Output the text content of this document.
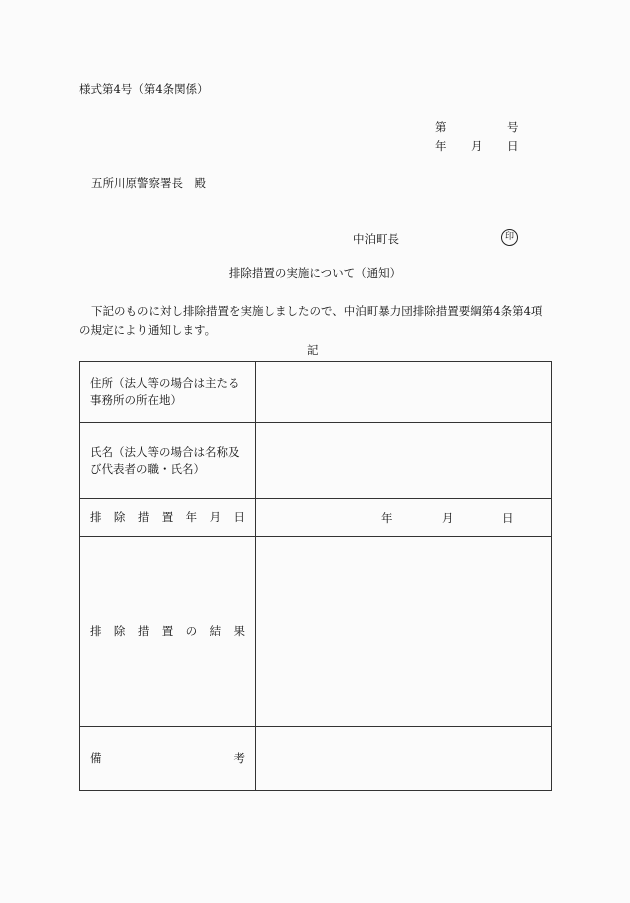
様式第4号（第4条関係）
第	号
年 月 日
五所川原警察署長　殿
中泊町長	印
排除措置の実施について（通知）
下記のものに対し排除措置を実施しましたので、中泊町暴力団排除措置要綱第4条第4項
の規定により通知します。
記
住所（法人等の場合は主たる事務所の所在地）	
氏名（法人等の場合は名称及び代表者の職・氏名）	
排除措置年月日	年 月 日

排除措置の結果	
備考	
